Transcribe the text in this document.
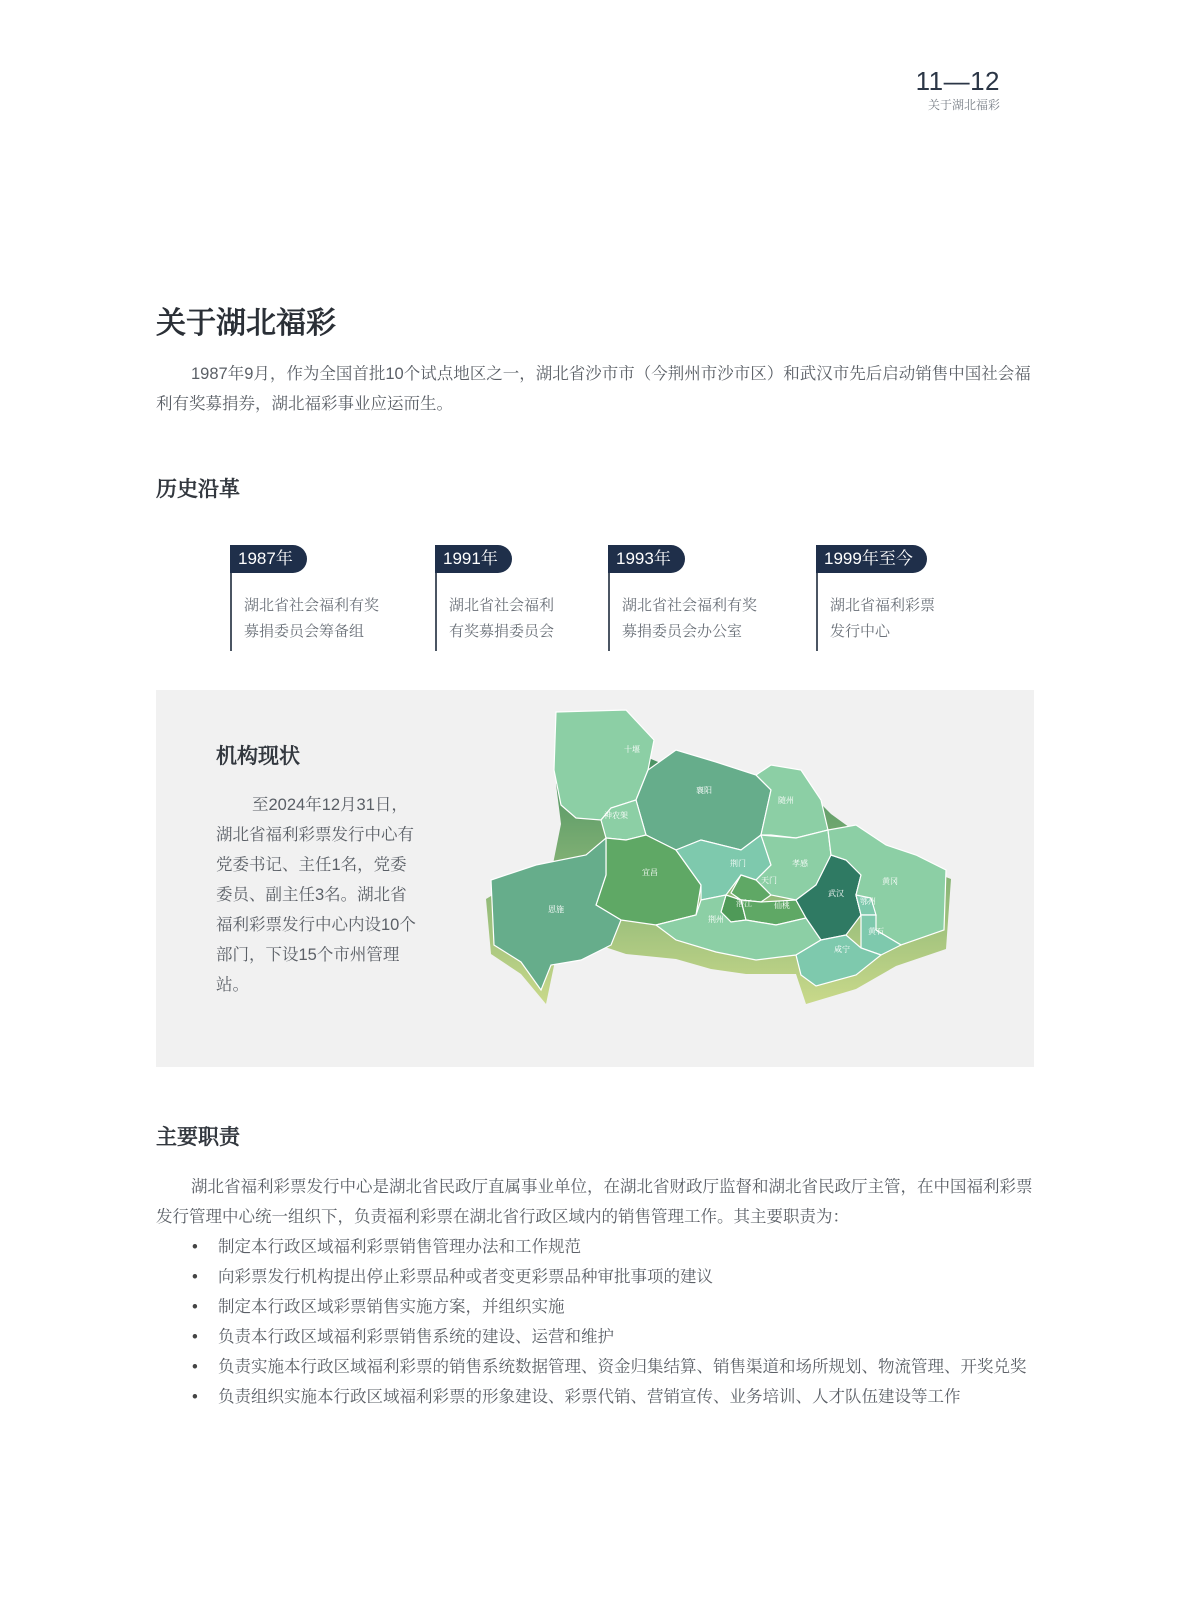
11—12
关于湖北福彩
关于湖北福彩

1987年9月，作为全国首批10个试点地区之一，湖北省沙市市（今荆州市沙市区）和武汉市先后启动销售中国社会福利有奖募捐券，湖北福彩事业应运而生。

历史沿革
1987年
湖北省社会福利有奖
募捐委员会筹备组
1991年
湖北省社会福利
有奖募捐委员会
1993年
湖北省社会福利有奖
募捐委员会办公室
1999年至今
湖北省福利彩票
发行中心
机构现状

至2024年12月31日，湖北省福利彩票发行中心有党委书记、主任1名，党委委员、副主任3名。湖北省福利彩票发行中心内设10个部门，下设15个市州管理站。

十堰
襄阳
随州
神农架
宜昌
荆门	孝感
恩施
天门
潜江	仙桃
荆州
武汉
黄冈
鄂州
黄石
咸宁
主要职责

湖北省福利彩票发行中心是湖北省民政厅直属事业单位，在湖北省财政厅监督和湖北省民政厅主管，在中国福利彩票发行管理中心统一组织下，负责福利彩票在湖北省行政区域内的销售管理工作。其主要职责为：

• 制定本行政区域福利彩票销售管理办法和工作规范
• 向彩票发行机构提出停止彩票品种或者变更彩票品种审批事项的建议
• 制定本行政区域彩票销售实施方案，并组织实施
• 负责本行政区域福利彩票销售系统的建设、运营和维护
• 负责实施本行政区域福利彩票的销售系统数据管理、资金归集结算、销售渠道和场所规划、物流管理、开奖兑奖
• 负责组织实施本行政区域福利彩票的形象建设、彩票代销、营销宣传、业务培训、人才队伍建设等工作
